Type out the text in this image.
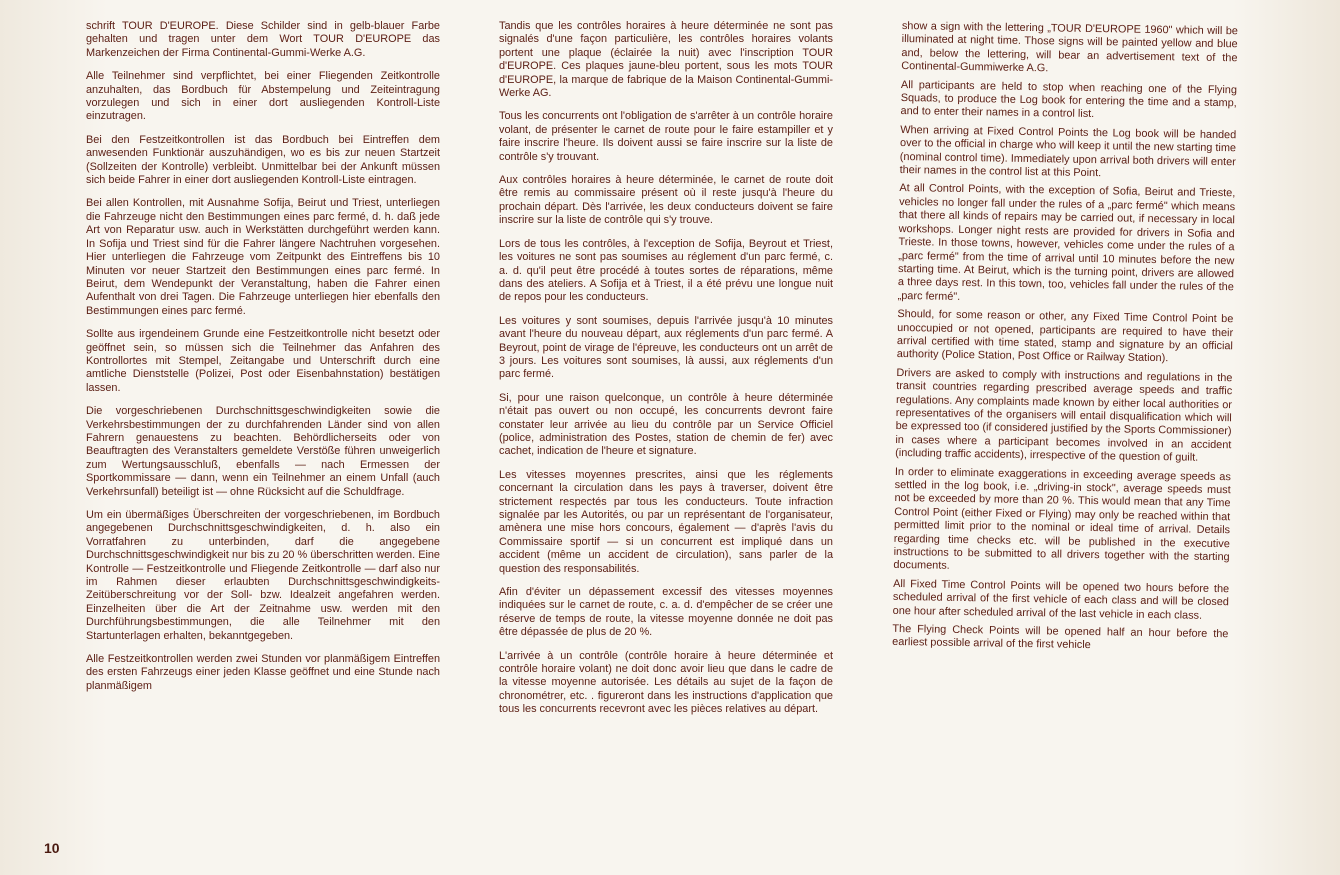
schrift TOUR D'EUROPE. Diese Schilder sind in gelb-blauer Farbe gehalten und tragen unter dem Wort TOUR D'EUROPE das Markenzeichen der Firma Continental-Gummi-Werke A.G.

Alle Teilnehmer sind verpflichtet, bei einer Fliegenden Zeitkontrolle anzuhalten, das Bordbuch für Abstempelung und Zeiteintragung vorzulegen und sich in einer dort ausliegenden Kontroll-Liste einzutragen.

Bei den Festzeitkontrollen ist das Bordbuch bei Eintreffen dem anwesenden Funktionär auszuhändigen, wo es bis zur neuen Startzeit (Sollzeiten der Kontrolle) verbleibt. Unmittelbar bei der Ankunft müssen sich beide Fahrer in einer dort ausliegenden Kontroll-Liste eintragen.

Bei allen Kontrollen, mit Ausnahme Sofija, Beirut und Triest, unterliegen die Fahrzeuge nicht den Bestimmungen eines parc fermé, d. h. daß jede Art von Reparatur usw. auch in Werkstätten durchgeführt werden kann. In Sofija und Triest sind für die Fahrer längere Nachtruhen vorgesehen. Hier unterliegen die Fahrzeuge vom Zeitpunkt des Eintreffens bis 10 Minuten vor neuer Startzeit den Bestimmungen eines parc fermé. In Beirut, dem Wendepunkt der Veranstaltung, haben die Fahrer einen Aufenthalt von drei Tagen. Die Fahrzeuge unterliegen hier ebenfalls den Bestimmungen eines parc fermé.

Sollte aus irgendeinem Grunde eine Festzeitkontrolle nicht besetzt oder geöffnet sein, so müssen sich die Teilnehmer das Anfahren des Kontrollortes mit Stempel, Zeitangabe und Unterschrift durch eine amtliche Dienststelle (Polizei, Post oder Eisenbahnstation) bestätigen lassen.

Die vorgeschriebenen Durchschnittsgeschwindigkeiten sowie die Verkehrsbestimmungen der zu durchfahrenden Länder sind von allen Fahrern genauestens zu beachten. Behördlicherseits oder von Beauftragten des Veranstalters gemeldete Verstöße führen unweigerlich zum Wertungsausschluß, ebenfalls — nach Ermessen der Sportkommissare — dann, wenn ein Teilnehmer an einem Unfall (auch Verkehrsunfall) beteiligt ist — ohne Rücksicht auf die Schuldfrage.

Um ein übermäßiges Überschreiten der vorgeschriebenen, im Bordbuch angegebenen Durchschnittsgeschwindigkeiten, d. h. also ein Vorratfahren zu unterbinden, darf die angegebene Durchschnittsgeschwindigkeit nur bis zu 20 % überschritten werden. Eine Kontrolle — Festzeitkontrolle und Fliegende Zeitkontrolle — darf also nur im Rahmen dieser erlaubten Durchschnittsgeschwindigkeits-Zeitüberschreitung vor der Soll- bzw. Idealzeit angefahren werden. Einzelheiten über die Art der Zeitnahme usw. werden mit den Durchführungsbestimmungen, die alle Teilnehmer mit den Startunterlagen erhalten, bekanntgegeben.

Alle Festzeitkontrollen werden zwei Stunden vor planmäßigem Eintreffen des ersten Fahrzeugs einer jeden Klasse geöffnet und eine Stunde nach planmäßigem

Tandis que les contrôles horaires à heure déterminée ne sont pas signalés d'une façon particulière, les contrôles horaires volants portent une plaque (éclairée la nuit) avec l'inscription TOUR d'EUROPE. Ces plaques jaune-bleu portent, sous les mots TOUR d'EUROPE, la marque de fabrique de la Maison Continental-Gummi-Werke AG.

Tous les concurrents ont l'obligation de s'arrêter à un contrôle horaire volant, de présenter le carnet de route pour le faire estampiller et y faire inscrire l'heure. Ils doivent aussi se faire inscrire sur la liste de contrôle s'y trouvant.

Aux contrôles horaires à heure déterminée, le carnet de route doit être remis au commissaire présent où il reste jusqu'à l'heure du prochain départ. Dès l'arrivée, les deux conducteurs doivent se faire inscrire sur la liste de contrôle qui s'y trouve.

Lors de tous les contrôles, à l'exception de Sofija, Beyrout et Triest, les voitures ne sont pas soumises au réglement d'un parc fermé, c. a. d. qu'il peut être procédé à toutes sortes de réparations, même dans des ateliers. A Sofija et à Triest, il a été prévu une longue nuit de repos pour les conducteurs.

Les voitures y sont soumises, depuis l'arrivée jusqu'à 10 minutes avant l'heure du nouveau départ, aux réglements d'un parc fermé. A Beyrout, point de virage de l'épreuve, les conducteurs ont un arrêt de 3 jours. Les voitures sont soumises, là aussi, aux réglements d'un parc fermé.

Si, pour une raison quelconque, un contrôle à heure déterminée n'était pas ouvert ou non occupé, les concurrents devront faire constater leur arrivée au lieu du contrôle par un Service Officiel (police, administration des Postes, station de chemin de fer) avec cachet, indication de l'heure et signature.

Les vitesses moyennes prescrites, ainsi que les réglements concernant la circulation dans les pays à traverser, doivent être strictement respectés par tous les conducteurs. Toute infraction signalée par les Autorités, ou par un représentant de l'organisateur, amènera une mise hors concours, également — d'après l'avis du Commissaire sportif — si un concurrent est impliqué dans un accident (même un accident de circulation), sans parler de la question des responsabilités.

Afin d'éviter un dépassement excessif des vitesses moyennes indiquées sur le carnet de route, c. a. d. d'empêcher de se créer une réserve de temps de route, la vitesse moyenne donnée ne doit pas être dépassée de plus de 20 %.

L'arrivée à un contrôle (contrôle horaire à heure déterminée et contrôle horaire volant) ne doit donc avoir lieu que dans le cadre de la vitesse moyenne autorisée. Les détails au sujet de la façon de chronométrer, etc. . figureront dans les instructions d'application que tous les concurrents recevront avec les pièces relatives au départ.

show a sign with the lettering „TOUR D'EUROPE 1960" which will be illuminated at night time. Those signs will be painted yellow and blue and, below the lettering, will bear an advertisement text of the Continental-Gummiwerke A.G.

All participants are held to stop when reaching one of the Flying Squads, to produce the Log book for entering the time and a stamp, and to enter their names in a control list.

When arriving at Fixed Control Points the Log book will be handed over to the official in charge who will keep it until the new starting time (nominal control time). Immediately upon arrival both drivers will enter their names in the control list at this Point.

At all Control Points, with the exception of Sofia, Beirut and Trieste, vehicles no longer fall under the rules of a „parc fermé" which means that there all kinds of repairs may be carried out, if necessary in local workshops. Longer night rests are provided for drivers in Sofia and Trieste. In those towns, however, vehicles come under the rules of a „parc fermé" from the time of arrival until 10 minutes before the new starting time. At Beirut, which is the turning point, drivers are allowed a three days rest. In this town, too, vehicles fall under the rules of the „parc fermé".

Should, for some reason or other, any Fixed Time Control Point be unoccupied or not opened, participants are required to have their arrival certified with time stated, stamp and signature by an official authority (Police Station, Post Office or Railway Station).

Drivers are asked to comply with instructions and regulations in the transit countries regarding prescribed average speeds and traffic regulations. Any complaints made known by either local authorities or representatives of the organisers will entail disqualification which will be expressed too (if considered justified by the Sports Commissioner) in cases where a participant becomes involved in an accident (including traffic accidents), irrespective of the question of guilt.

In order to eliminate exaggerations in exceeding average speeds as settled in the log book, i.e. „driving-in stock", average speeds must not be exceeded by more than 20 %. This would mean that any Time Control Point (either Fixed or Flying) may only be reached within that permitted limit prior to the nominal or ideal time of arrival. Details regarding time checks etc. will be published in the executive instructions to be submitted to all drivers together with the starting documents.

All Fixed Time Control Points will be opened two hours before the scheduled arrival of the first vehicle of each class and will be closed one hour after scheduled arrival of the last vehicle in each class.

The Flying Check Points will be opened half an hour before the earliest possible arrival of the first vehicle

10
